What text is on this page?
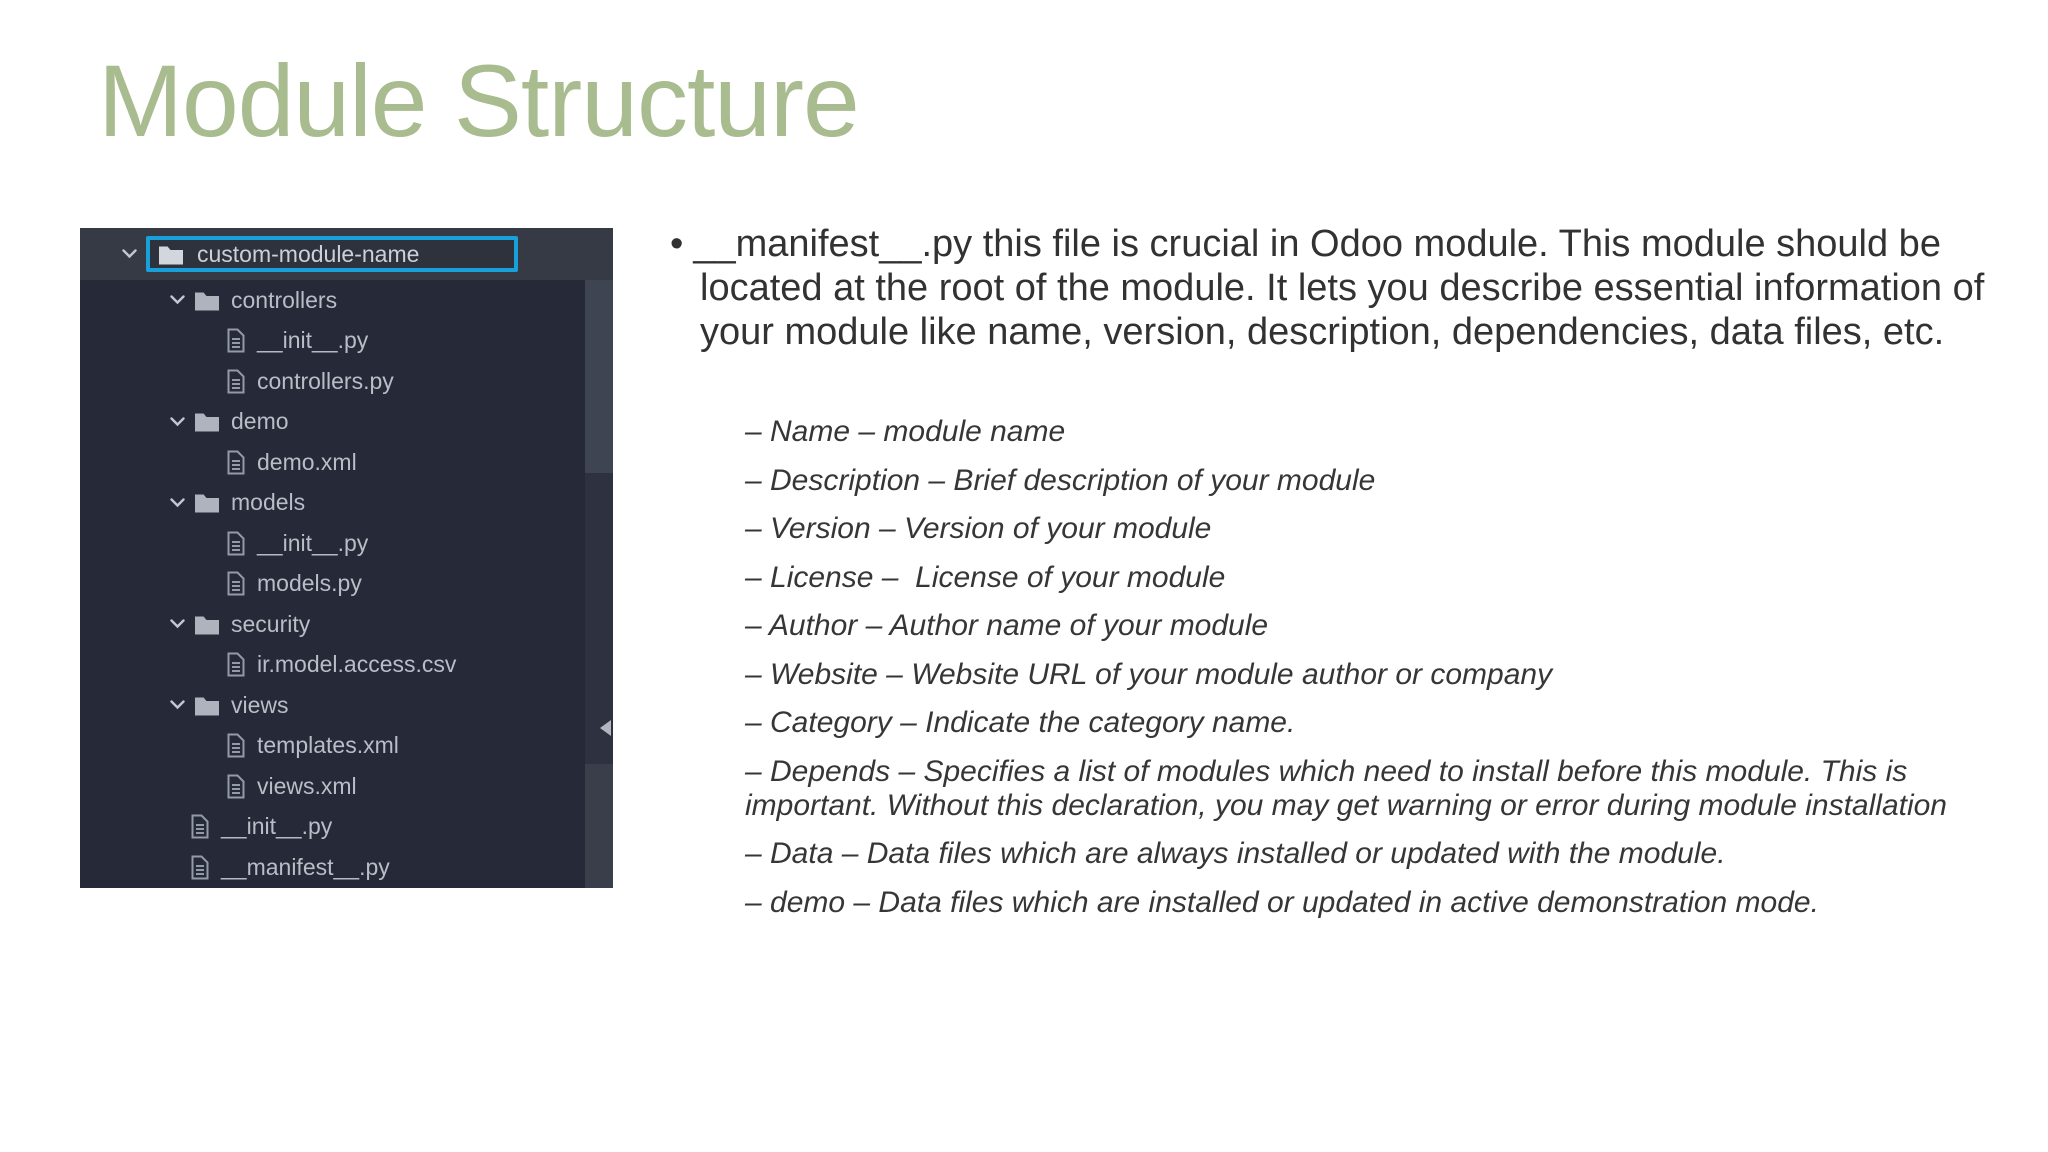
Module Structure
custom-module-name
controllers
__init__.py
controllers.py
demo
demo.xml
models
__init__.py
models.py
security
ir.model.access.csv
views
templates.xml
views.xml
__init__.py
__manifest__.py
• __manifest__.py this file is crucial in Odoo module. This module should be located at the root of the module. It lets you describe essential information of your module like name, version, description, dependencies, data files, etc.
– Name – module name
– Description – Brief description of your module
– Version – Version of your module
– License –  License of your module
– Author – Author name of your module
– Website – Website URL of your module author or company
– Category – Indicate the category name.
– Depends – Specifies a list of modules which need to install before this module. This is important. Without this declaration, you may get warning or error during module installation
– Data – Data files which are always installed or updated with the module.
– demo – Data files which are installed or updated in active demonstration mode.
